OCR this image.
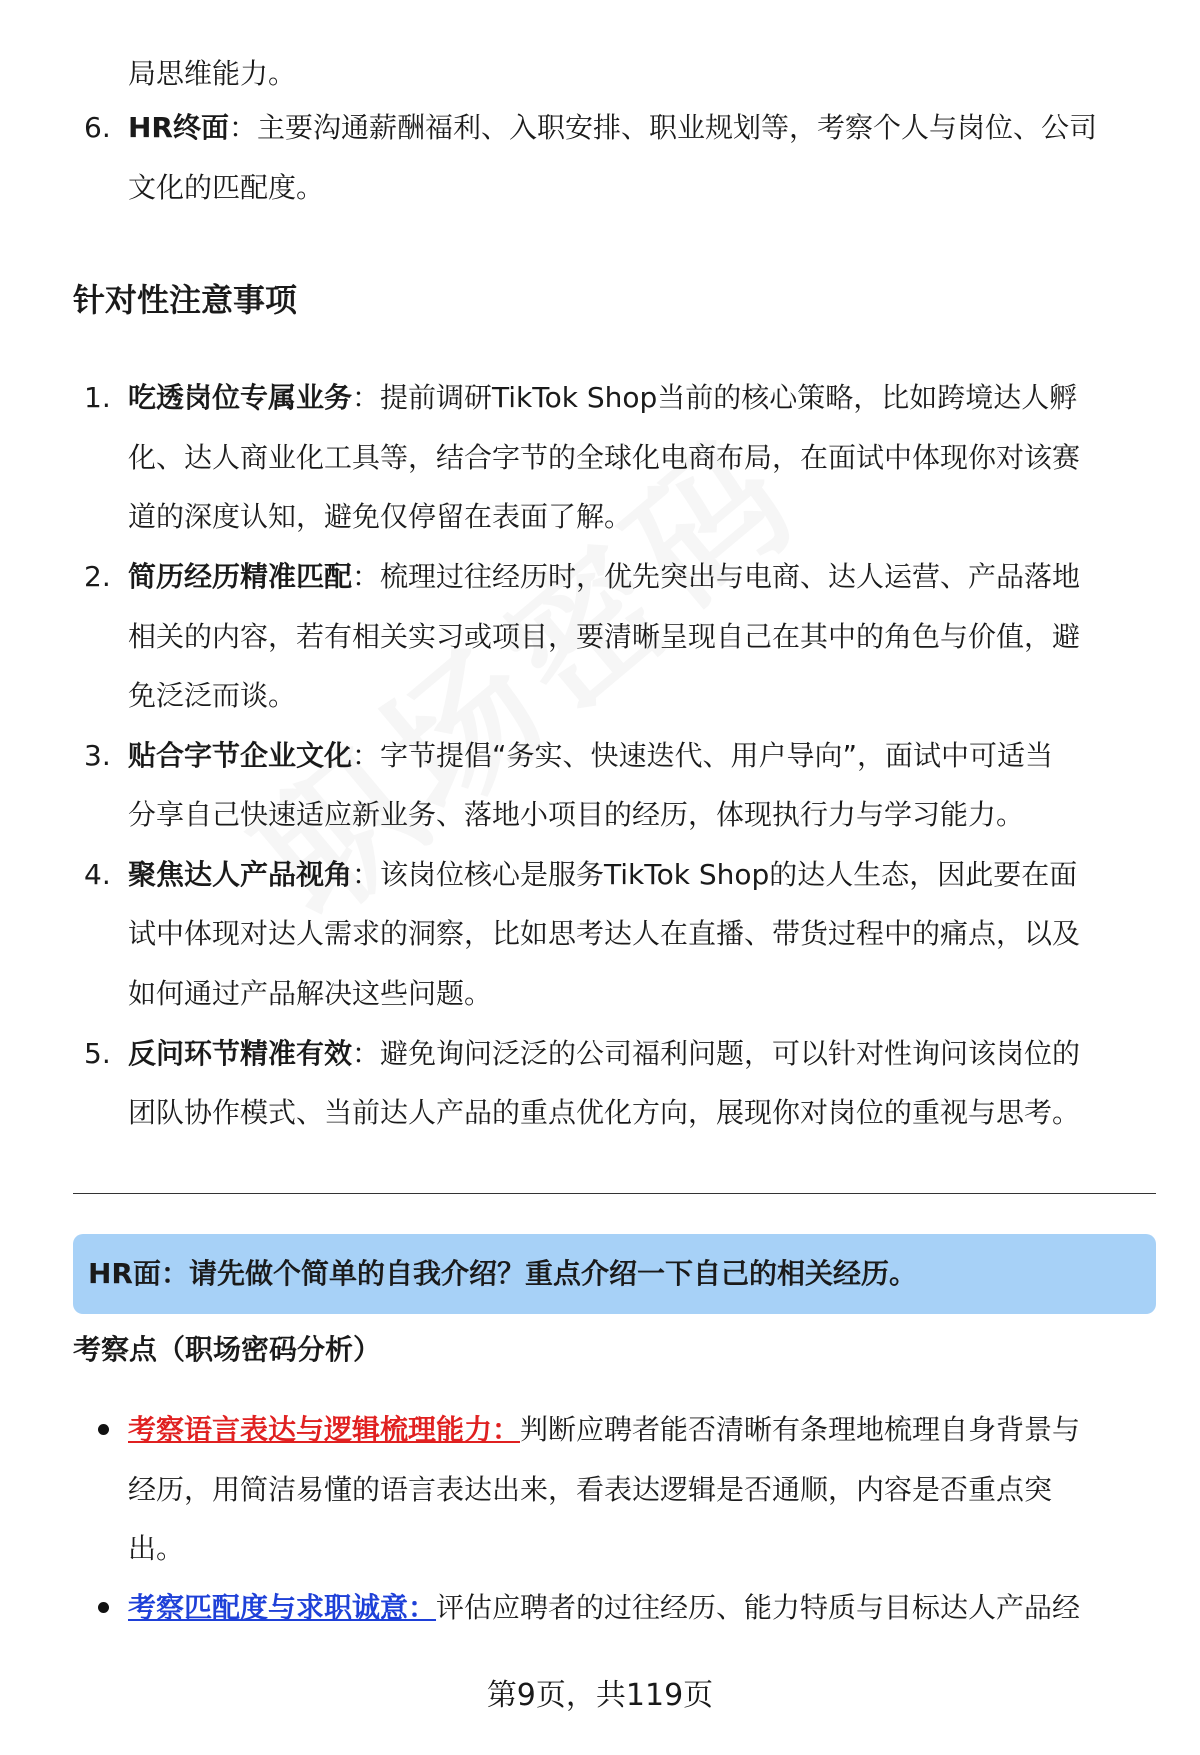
局思维能力。
6. HR终面：主要沟通薪酬福利、入职安排、职业规划等，考察个人与岗位、公司
文化的匹配度。
针对性注意事项
1. 吃透岗位专属业务：提前调研TikTok Shop当前的核心策略，比如跨境达人孵
化、达人商业化工具等，结合字节的全球化电商布局，在面试中体现你对该赛
道的深度认知，避免仅停留在表面了解。
2. 简历经历精准匹配：梳理过往经历时，优先突出与电商、达人运营、产品落地
相关的内容，若有相关实习或项目，要清晰呈现自己在其中的角色与价值，避
免泛泛而谈。
3. 贴合字节企业文化：字节提倡“务实、快速迭代、用户导向”，面试中可适当
分享自己快速适应新业务、落地小项目的经历，体现执行力与学习能力。
4. 聚焦达人产品视角：该岗位核心是服务TikTok Shop的达人生态，因此要在面
试中体现对达人需求的洞察，比如思考达人在直播、带货过程中的痛点，以及
如何通过产品解决这些问题。
5. 反问环节精准有效：避免询问泛泛的公司福利问题，可以针对性询问该岗位的
团队协作模式、当前达人产品的重点优化方向，展现你对岗位的重视与思考。
HR面：请先做个简单的自我介绍？重点介绍一下自己的相关经历。
考察点（职场密码分析）
考察语言表达与逻辑梳理能力：判断应聘者能否清晰有条理地梳理自身背景与
经历，用简洁易懂的语言表达出来，看表达逻辑是否通顺，内容是否重点突
出。
考察匹配度与求职诚意：评估应聘者的过往经历、能力特质与目标达人产品经
第9页，共119页
